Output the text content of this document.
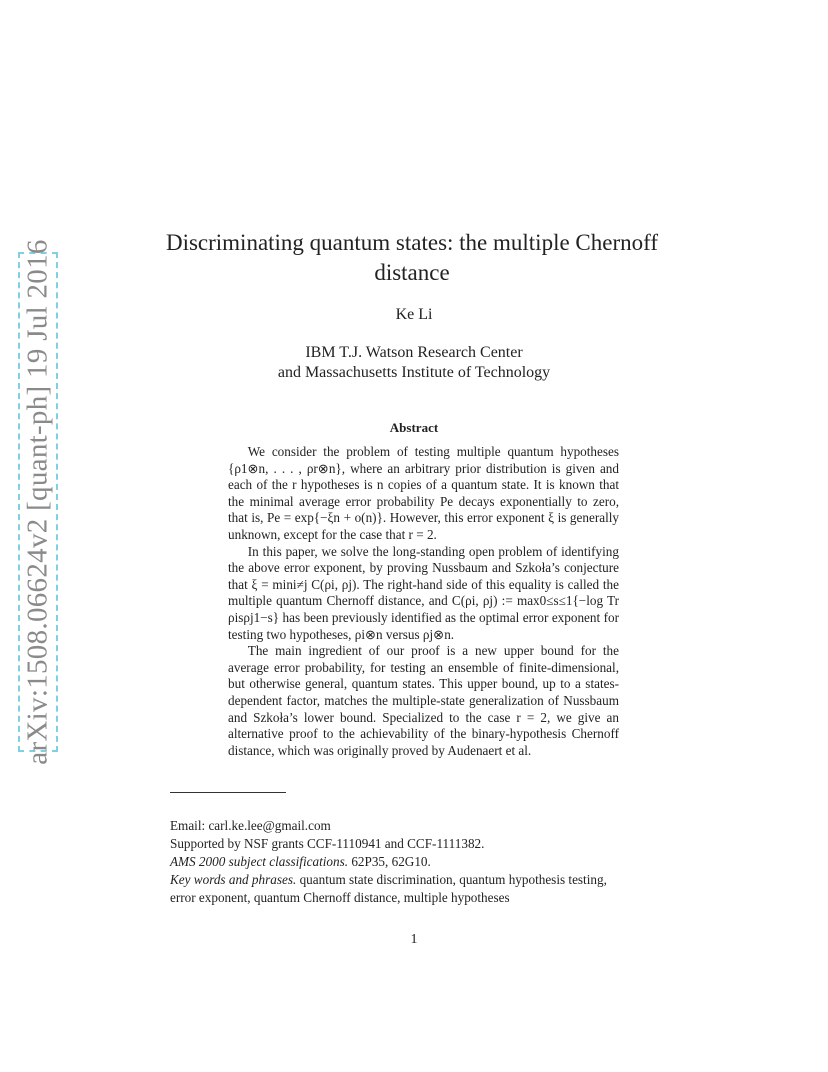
arXiv:1508.06624v2 [quant-ph] 19 Jul 2016	Discriminating quantum states: the multiple Chernoff distance
Ke Li
IBM T.J. Watson Research Center
and Massachusetts Institute of Technology
Abstract

  We consider the problem of testing multiple quantum hypotheses {ρ1⊗n, . . . , ρr⊗n}, where an arbitrary prior distribution is given and each of the r hypotheses is n copies of a quantum state. It is known that the minimal average error probability Pe decays exponentially to zero, that is, Pe = exp{−ξn + o(n)}. However, this error exponent ξ is generally unknown, except for the case that r = 2.

  In this paper, we solve the long-standing open problem of identifying the above error exponent, by proving Nussbaum and Szkoła’s conjecture that ξ = mini≠j C(ρi, ρj). The right-hand side of this equality is called the multiple quantum Chernoff distance, and C(ρi, ρj) := max0≤s≤1{−log Tr ρisρj1−s} has been previously identified as the optimal error exponent for testing two hypotheses, ρi⊗n versus ρj⊗n.

  The main ingredient of our proof is a new upper bound for the average error probability, for testing an ensemble of finite-dimensional, but otherwise general, quantum states. This upper bound, up to a states-dependent factor, matches the multiple-state generalization of Nussbaum and Szkoła’s lower bound. Specialized to the case r = 2, we give an alternative proof to the achievability of the binary-hypothesis Chernoff distance, which was originally proved by Audenaert et al.

Email: carl.ke.lee@gmail.com
Supported by NSF grants CCF-1110941 and CCF-1111382.
AMS 2000 subject classifications. 62P35, 62G10.
Key words and phrases. quantum state discrimination, quantum hypothesis testing,
error exponent, quantum Chernoff distance, multiple hypotheses
1
